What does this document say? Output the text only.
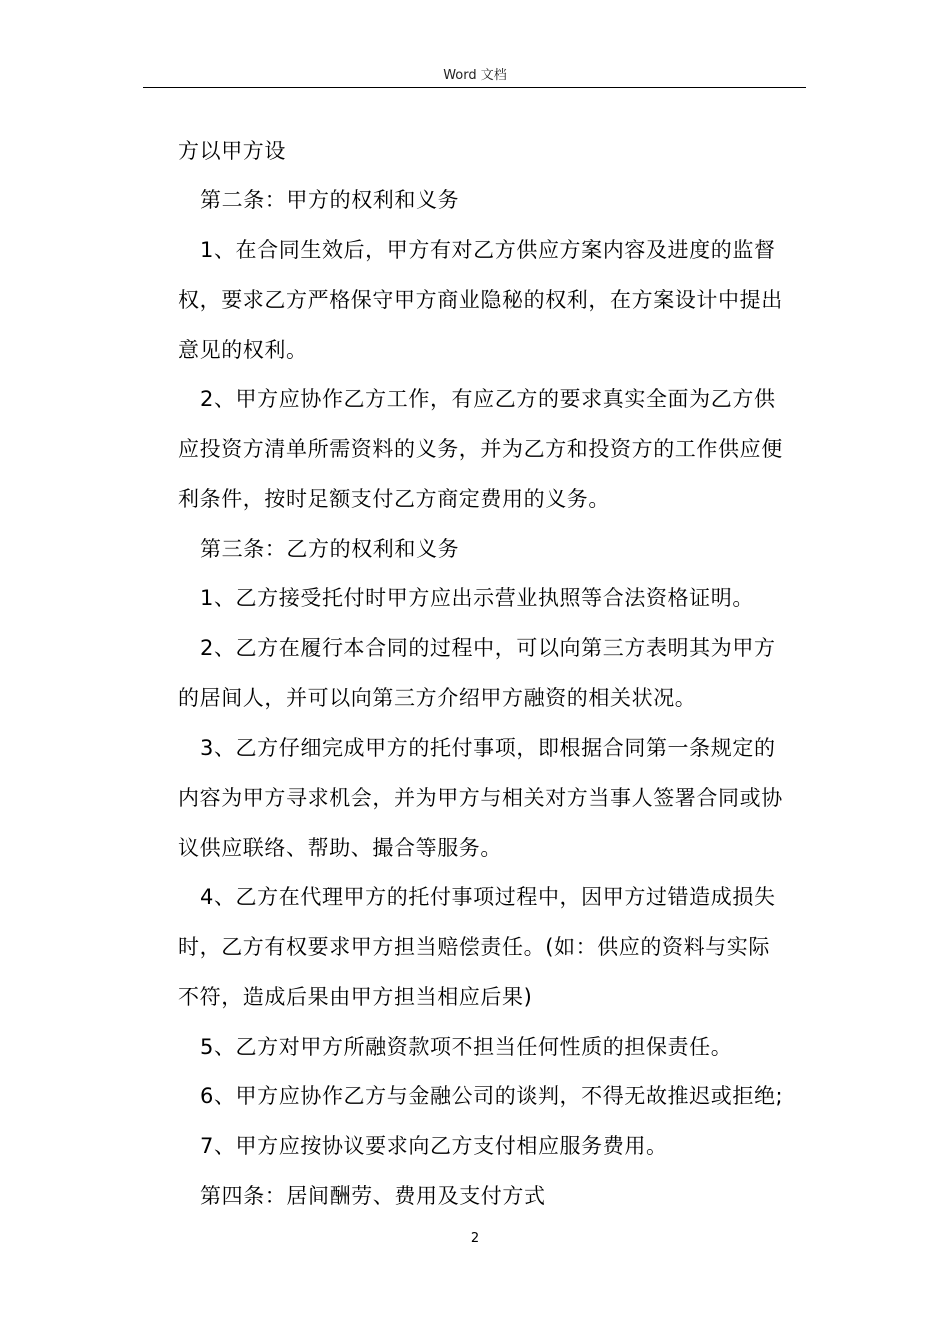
Word 文档
方以甲方设
第二条：甲方的权利和义务
1、在合同生效后，甲方有对乙方供应方案内容及进度的监督
权，要求乙方严格保守甲方商业隐秘的权利，在方案设计中提出
意见的权利。
2、甲方应协作乙方工作，有应乙方的要求真实全面为乙方供
应投资方清单所需资料的义务，并为乙方和投资方的工作供应便
利条件，按时足额支付乙方商定费用的义务。
第三条：乙方的权利和义务
1、乙方接受托付时甲方应出示营业执照等合法资格证明。
2、乙方在履行本合同的过程中，可以向第三方表明其为甲方
的居间人，并可以向第三方介绍甲方融资的相关状况。
3、乙方仔细完成甲方的托付事项，即根据合同第一条规定的
内容为甲方寻求机会，并为甲方与相关对方当事人签署合同或协
议供应联络、帮助、撮合等服务。
4、乙方在代理甲方的托付事项过程中，因甲方过错造成损失
时，乙方有权要求甲方担当赔偿责任。(如：供应的资料与实际
不符，造成后果由甲方担当相应后果)
5、乙方对甲方所融资款项不担当任何性质的担保责任。
6、甲方应协作乙方与金融公司的谈判，不得无故推迟或拒绝;
7、甲方应按协议要求向乙方支付相应服务费用。
第四条：居间酬劳、费用及支付方式
2
